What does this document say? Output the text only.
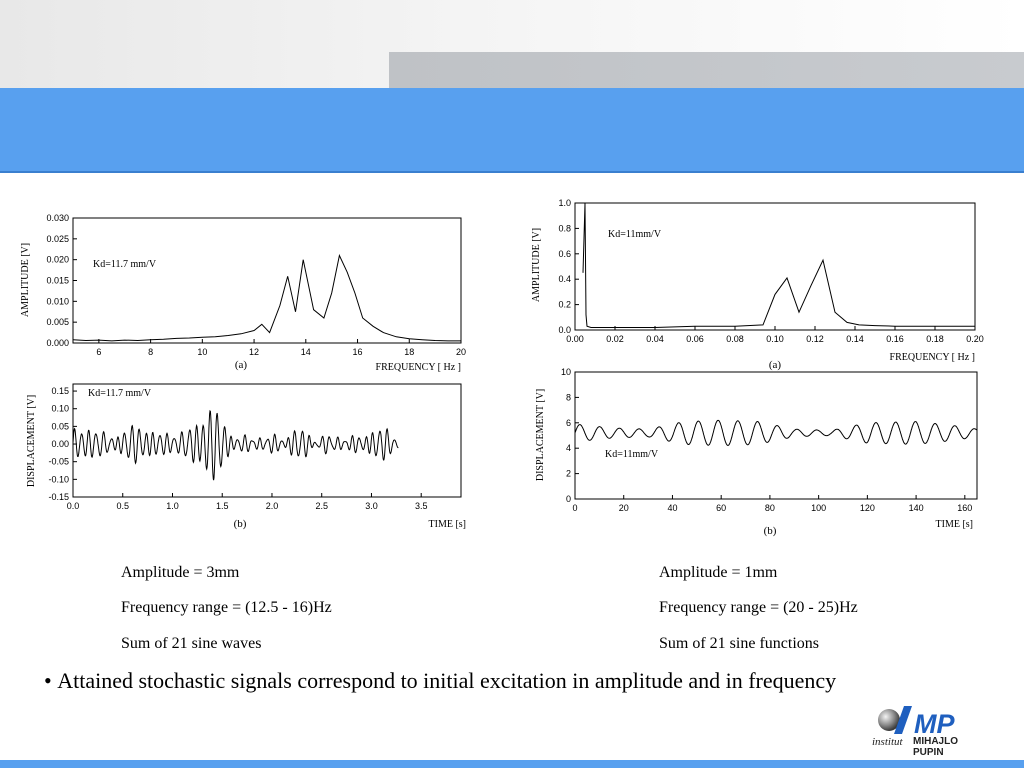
6	8	10	12	14	16	18	20
0.000
0.005
0.010
0.015
0.020
0.025
0.030
AMPLITUDE [V]
FREQUENCY [ Hz ]
(a)
Kd=11.7 mm/V
0.0	0.5	1.0	1.5	2.0	2.5	3.0	3.5
-0.15
-0.10
-0.05
0.00
0.05
0.10
0.15
DISPLACEMENT [V]
TIME [s]
(b)
Kd=11.7 mm/V
0.00 0.02 0.04 0.06 0.08 0.10 0.12 0.14 0.16 0.18 0.20
0.0
0.2
0.4
0.6
0.8
1.0
AMPLITUDE [V]
FREQUENCY [ Hz ]
(a)
Kd=11mm/V
0	20	40	60	80	100	120	140	160
0
2
4
6
8
10
DISPLACEMENT [V]
TIME [s]
(b)
Kd=11mm/V
Amplitude = 3mm
Frequency range = (12.5 - 16)Hz
Sum of 21 sine waves
Amplitude = 1mm
Frequency range = (20 - 25)Hz
Sum of 21 sine functions
• Attained stochastic signals correspond to initial excitation in amplitude and in frequency
MP
institut MIHAJLO PUPIN
